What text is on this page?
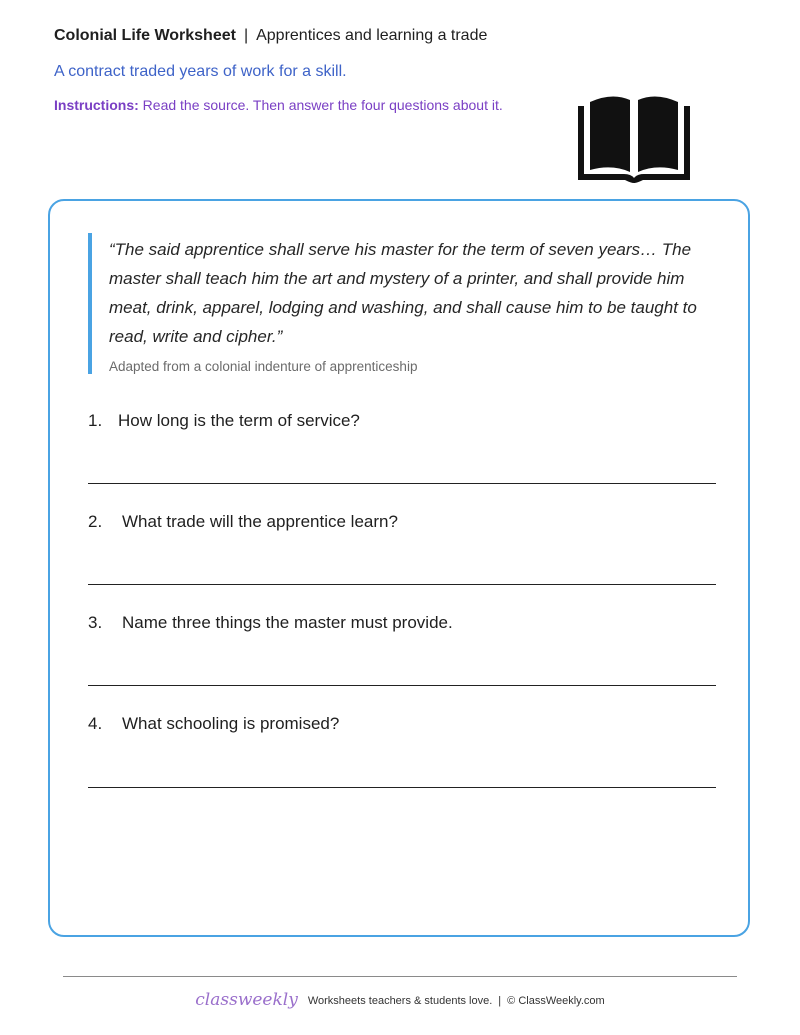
Colonial Life Worksheet | Apprentices and learning a trade
A contract traded years of work for a skill.
Instructions: Read the source. Then answer the four questions about it.
“The said apprentice shall serve his master for the term of seven years… The master shall teach him the art and mystery of a printer, and shall provide him meat, drink, apparel, lodging and washing, and shall cause him to be taught to read, write and cipher.”
Adapted from a colonial indenture of apprenticeship
1. How long is the term of service?
2. What trade will the apprentice learn?
3. Name three things the master must provide.
4. What schooling is promised?
classweekly Worksheets teachers & students love. | © ClassWeekly.com
